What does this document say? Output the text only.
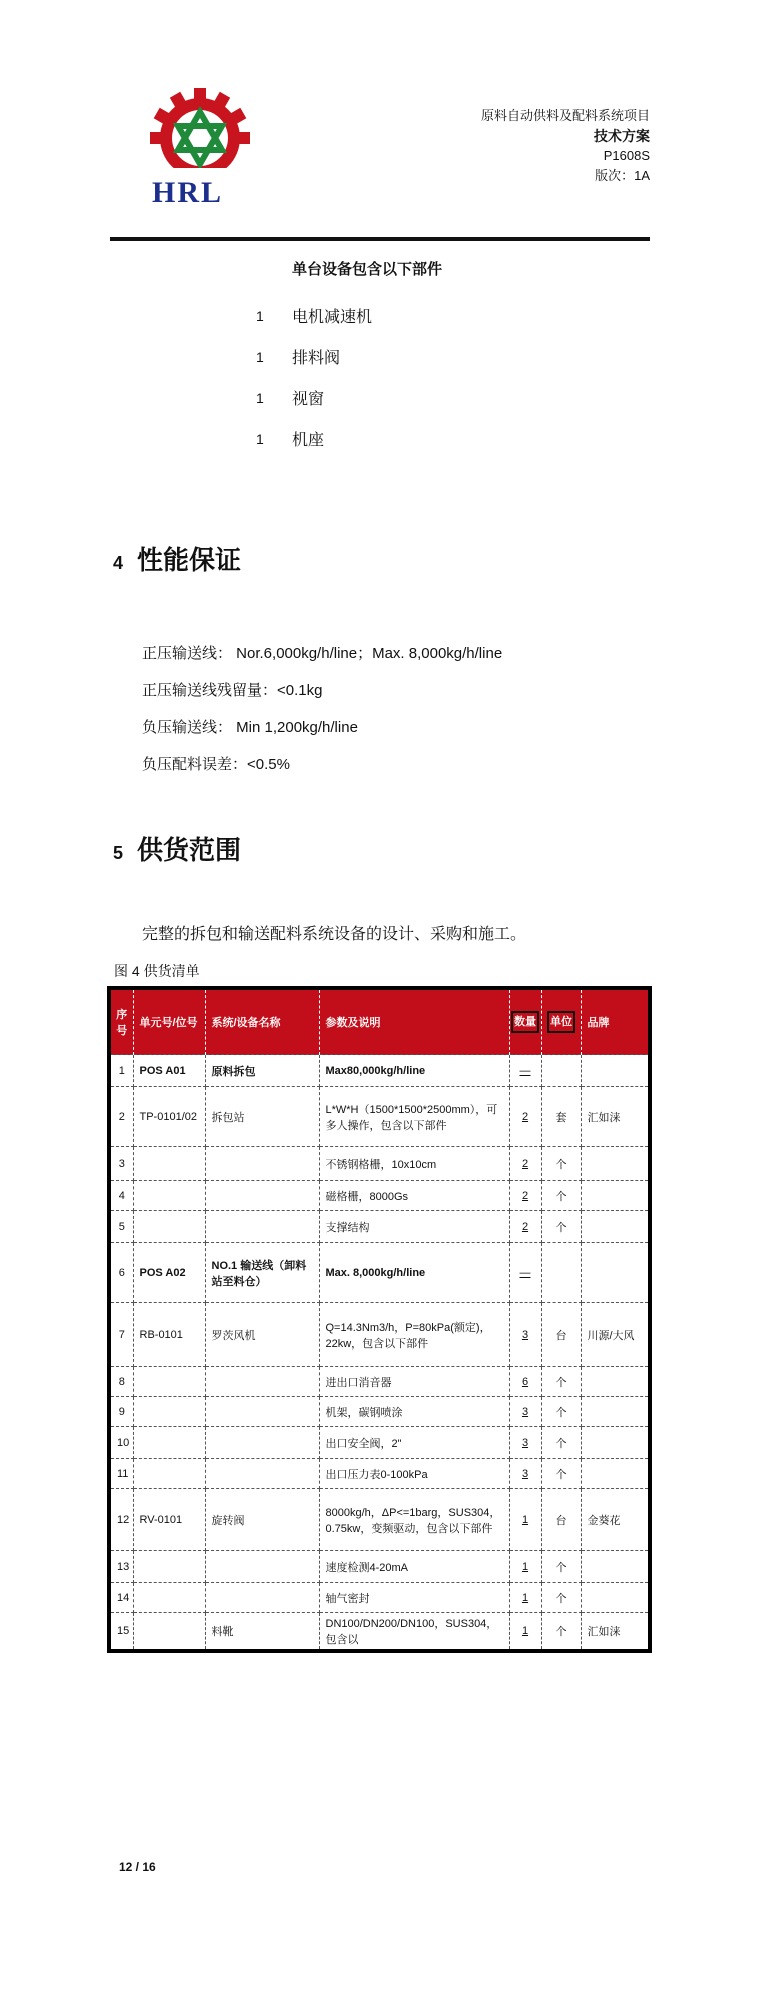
HRL
原料自动供料及配料系统项目
技术方案
P1608S
版次：1A
单台设备包含以下部件
1	电机减速机
1	排料阀
1	视窗
1	机座
4 性能保证
正压输送线： Nor.6,000kg/h/line；Max. 8,000kg/h/line
正压输送线残留量：<0.1kg
负压输送线： Min 1,200kg/h/line
负压配料误差：<0.5%
5 供货范围
完整的拆包和输送配料系统设备的设计、采购和施工。
图 4 供货清单
序号	单元号/位号	系统/设备名称	参数及说明	数量	单位	品牌
1	POS A01	原料拆包	Max80,000kg/h/line	—		
2	TP-0101/02	拆包站	L*W*H（1500*1500*2500mm），可多人操作，包含以下部件	2	套	汇如涞
3			不锈钢格栅，10x10cm	2	个	
4			磁格栅，8000Gs	2	个	
5			支撑结构	2	个	
6	POS A02	NO.1 输送线（卸料站至料仓）	Max. 8,000kg/h/line	—		
7	RB-0101	罗茨风机	Q=14.3Nm3/h，P=80kPa(额定)，22kw，包含以下部件	3	台	川源/大风
8			进出口消音器	6	个	
9			机架，碳钢喷涂	3	个	
10			出口安全阀，2"	3	个	
11			出口压力表0-100kPa	3	个	
12	RV-0101	旋转阀	8000kg/h，ΔP<=1barg，SUS304，0.75kw，变频驱动，包含以下部件	1	台	金葵花
13			速度检测4-20mA	1	个	
14			轴气密封	1	个	
15		料靴	DN100/DN200/DN100，SUS304，包含以	1	个	汇如涞
12 / 16
